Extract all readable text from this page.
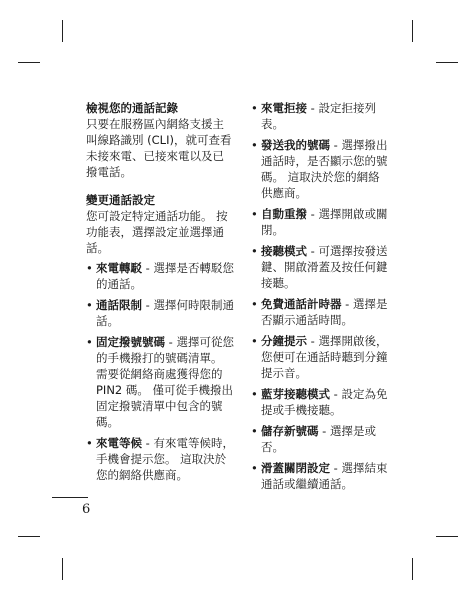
檢視您的通話記錄

只要在服務區內網絡支援主叫線路識別 (CLI)，就可查看未接來電、已接來電以及已撥電話。

變更通話設定

您可設定特定通話功能。 按功能表，選擇設定並選擇通話。

• 來電轉駁 - 選擇是否轉駁您的通話。
• 通話限制 - 選擇何時限制通話。
• 固定撥號號碼 - 選擇可從您的手機撥打的號碼清單。 需要從網絡商處獲得您的 PIN2 碼。 僅可從手機撥出固定撥號清單中包含的號碼。
• 來電等候 - 有來電等候時，手機會提示您。 這取決於您的網絡供應商。
• 來電拒接 - 設定拒接列表。
• 發送我的號碼 - 選擇撥出通話時，是否顯示您的號碼。 這取決於您的網絡供應商。
• 自動重撥 - 選擇開啟或關閉。
• 接聽模式 - 可選擇按發送鍵、開啟滑蓋及按任何鍵接聽。
• 免費通話計時器 - 選擇是否顯示通話時間。
• 分鐘提示 - 選擇開啟後，您便可在通話時聽到分鐘提示音。
• 藍芽接聽模式 - 設定為免提或手機接聽。
• 儲存新號碼 - 選擇是或否。
• 滑蓋關閉設定 - 選擇結束通話或繼續通話。
6
